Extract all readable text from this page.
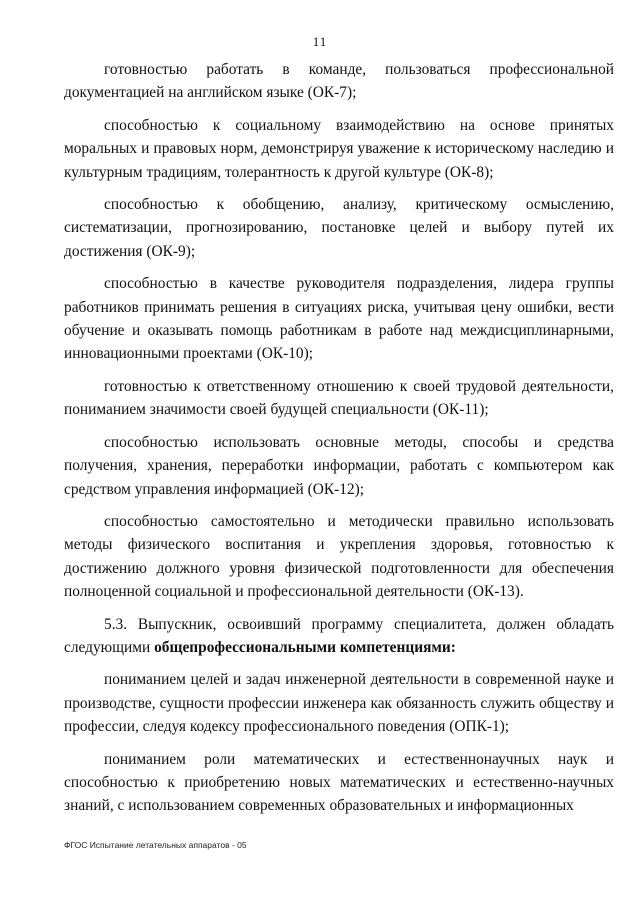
11

готовностью работать в команде, пользоваться профессиональной документацией на английском языке (ОК-7);

способностью к социальному взаимодействию на основе принятых моральных и правовых норм, демонстрируя уважение к историческому наследию и культурным традициям, толерантность к другой культуре (ОК-8);

способностью к обобщению, анализу, критическому осмыслению, систематизации, прогнозированию, постановке целей и выбору путей их достижения (ОК-9);

способностью в качестве руководителя подразделения, лидера группы работников принимать решения в ситуациях риска, учитывая цену ошибки, вести обучение и оказывать помощь работникам в работе над междисциплинарными, инновационными проектами (ОК-10);

готовностью к ответственному отношению к своей трудовой деятельности, пониманием значимости своей будущей специальности (ОК-11);

способностью использовать основные методы, способы и средства получения, хранения, переработки информации, работать с компьютером как средством управления информацией (ОК-12);

способностью самостоятельно и методически правильно использовать методы физического воспитания и укрепления здоровья, готовностью к достижению должного уровня физической подготовленности для обеспечения полноценной социальной и профессиональной деятельности (ОК-13).

5.3. Выпускник, освоивший программу специалитета, должен обладать следующими общепрофессиональными компетенциями:

пониманием целей и задач инженерной деятельности в современной науке и производстве, сущности профессии инженера как обязанность служить обществу и профессии, следуя кодексу профессионального поведения (ОПК-1);

пониманием роли математических и естественнонаучных наук и способностью к приобретению новых математических и естественно-научных знаний, с использованием современных образовательных и информационных

ФГОС Испытание летательных аппаратов - 05
